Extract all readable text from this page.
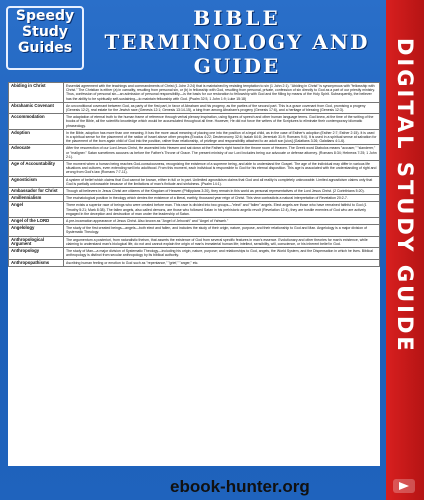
DIGITAL STUDY GUIDE
Speedy
Study
Guides
BIBLE
TERMINOLOGY AND GUIDE
Abiding in Christ	Essential agreement with the teachings and commandments of Christ (1 John 2:24) that is maintained by resisting temptation to sin (1 John 2:1). "Abiding in Christ" is synonymous with "fellowship with Christ." The Christian is either (a) in carnality, resulting from personal sin, or (b) in fellowship with God, resulting from personal, private, confession of sin directly to God as a part of our priestly ministry. Thus, confession of personal sin—an admission of personal responsibility—is the basis for our restoration to fellowship with God and the filling by means of the Holy Spirit. Subsequently, the believer has the ability to be spiritually self-sustaining—to maintain fellowship with God. (Psalm 32:5, 1 John 1:9; Luke 15:18)
Abrahamic Covenant	An unconditional covenant between God, as party of the first part, in favor of Abraham and his progeny, as the parties of the second part. This is a grace covenant from God, promising a progeny (Genesis 12:2), real estate for the Jewish race (Genesis 12:1; Genesis 13:14-15), a king from among Abraham's progeny (Genesis 17:6), and a heritage of blessing (Genesis 12:3).
Accommodation	The adaptation of eternal truth to the human frame of reference through verbal plenary inspiration, using figures of speech and other human language terms. God knew, at the time of the writing of the books of the Bible, all the scientific knowledge which would be accumulated throughout all time. However, He did not force the writers of the Scriptures to eliminate their contemporary idiomatic phraseology.
Adoption	In the Bible, adoption has more than one meaning. It has the more usual meaning of placing one into the position of a legal child, as in the case of Esther's adoption (Esther 2:7; Esther 2:15). It is used in a spiritual sense for the placement of the nation of Israel above other peoples (Exodus 4:22; Deuteronomy 32:6; Isaiah 64:8; Jeremiah 31:9; Romans 9:4). It is used in a spiritual sense at salvation for the placement of the born again child of God into the position, rather than relationship, of privilege and responsibility attached to an adult son [uios] (Galatians 3:26; Galatians 4:1-6).
Advocate	After the resurrection of our Lord Jesus Christ, He ascended into Heaven and sat down at the Father's right hand in the throne room of Heaven. The Greek word Diabolos means "accuser," "slanderer," or "maligner." Satan sometimes accuses us before the Father's Throne of Grace. The present ministry of our Lord includes being our advocate or defense attorney. (Romans 8:34; Hebrews 7:25; 1 John 2:1).
Age of Accountability	The moment when a human being reaches God-consciousness, recognizing the existence of a supreme being, and able to understand the Gospel. The age of the individual may differ in various life situations and cultures, even extending well into adulthood. From this moment, each individual is responsible to God for his eternal disposition. This age is associated with the understanding of right and wrong from God's law (Romans 7:7-11).
Agnosticism	A system of belief which claims that God cannot be known, either in full or in part. Unlimited agnosticism claims that God and all reality is completely unknowable. Limited agnosticism claims only that God is partially unknowable because of the limitations of man's finitude and sinfulness. (Psalm 14:1).
Ambassador for Christ	Though all believers in Jesus Christ are citizens of the Kingdom of Heaven (Philippians 3:20), they remain in this world as personal representatives of the Lord Jesus Christ. (2 Corinthians 5:20).
Amillennialism	The eschatological position in theology which denies the existence of a literal, earthly, thousand year reign of Christ. This view contradicts a natural interpretation of Revelation 20:2-7.
Angel	There exists a superior race of beings who were created before man. This race is divided into two groups—"elect" and "fallen" angels. Elect angels are those who have remained faithful to God (1 Timothy 5:21; Mark 8:38). The fallen angels, also called demons, are those who followed Satan in his prehistoric angelic revolt (Revelation 12:4), they are hostile enemies of God who are actively engaged in the deception and destruction of man under the leadership of Satan.
Angel of the LORD	A pre-incarnation appearance of Jesus Christ. Also known as "Angel of Jehovah" and "Angel of Yahweh."
Angelology	The study of the first created beings—angels—both elect and fallen, and includes the study of their origin, nature, purpose, and their relationship to God and Man. Angelology is a major division of Systematic Theology.
Anthropological Argument	The argumentum a posteriori, from naturalistic theism, that asserts the existence of God from several specific features in man's essence. Evolutionary and other theories for man's existence, while claiming to understand man's biological life, do not and cannot explain the origin of man's immaterial human life; intellect, sensibility, will, conscience, or his inherent belief in God.
Anthropology	The study of Man—a major division of Systematic Theology—including his origin, nature, purpose; and relationships to God, angels, the World System, and the Dispensation in which he lives. Biblical anthropology is distinct from secular anthropology by its biblical authority.
Anthropopathisms	Ascribing human feeling or emotion to God such as "repentance," "grief," "anger," etc.
ebook-hunter.org
